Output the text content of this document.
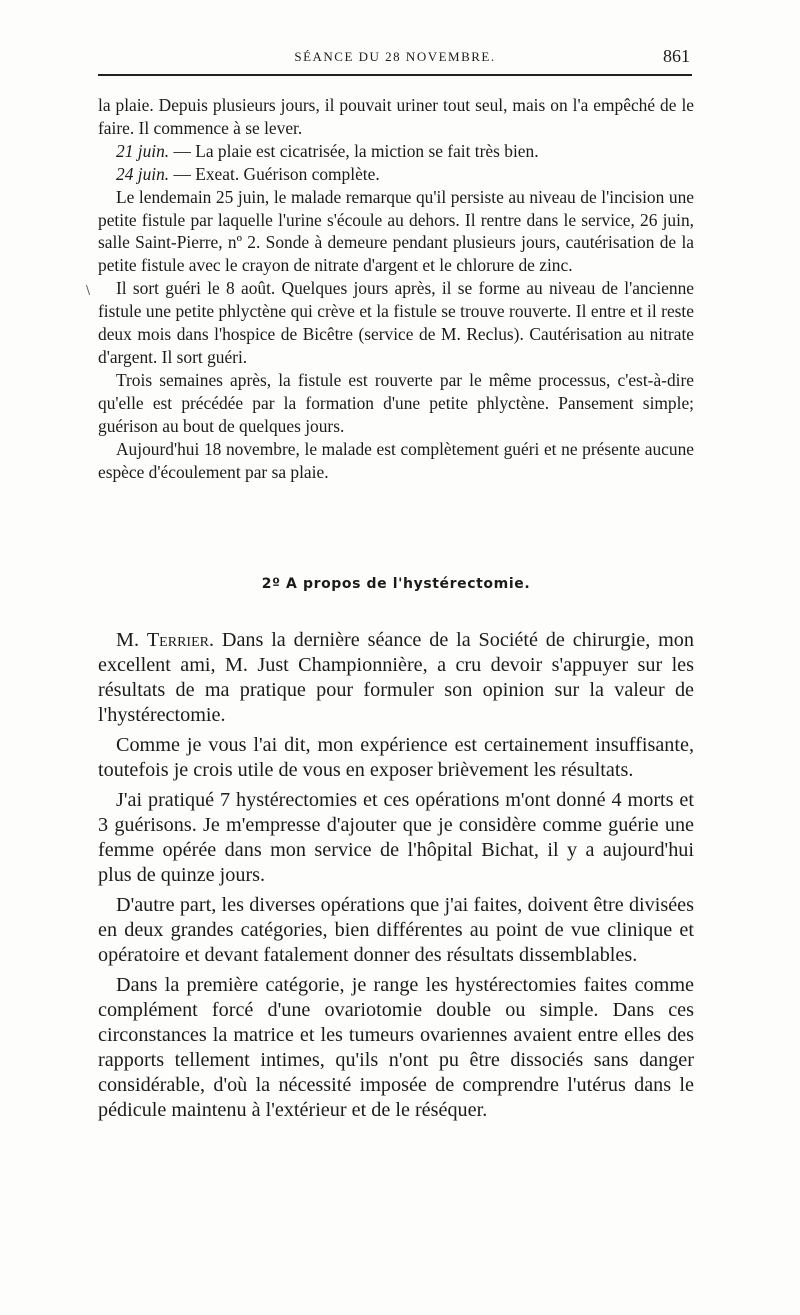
SÉANCE DU 28 NOVEMBRE.	861
\

la plaie. Depuis plusieurs jours, il pouvait uriner tout seul, mais on l'a empêché de le faire. Il commence à se lever.

21 juin. — La plaie est cicatrisée, la miction se fait très bien.

24 juin. — Exeat. Guérison complète.

Le lendemain 25 juin, le malade remarque qu'il persiste au niveau de l'incision une petite fistule par laquelle l'urine s'écoule au dehors. Il rentre dans le service, 26 juin, salle Saint-Pierre, nº 2. Sonde à demeure pendant plusieurs jours, cautérisation de la petite fistule avec le crayon de nitrate d'argent et le chlorure de zinc.

Il sort guéri le 8 août. Quelques jours après, il se forme au niveau de l'ancienne fistule une petite phlyctène qui crève et la fistule se trouve rouverte. Il entre et il reste deux mois dans l'hospice de Bicêtre (service de M. Reclus). Cautérisation au nitrate d'argent. Il sort guéri.

Trois semaines après, la fistule est rouverte par le même processus, c'est-à-dire qu'elle est précédée par la formation d'une petite phlyctène. Pansement simple; guérison au bout de quelques jours.

Aujourd'hui 18 novembre, le malade est complètement guéri et ne présente aucune espèce d'écoulement par sa plaie.

2º A propos de l'hystérectomie.

M. Terrier. Dans la dernière séance de la Société de chirurgie, mon excellent ami, M. Just Championnière, a cru devoir s'appuyer sur les résultats de ma pratique pour formuler son opinion sur la valeur de l'hystérectomie.

Comme je vous l'ai dit, mon expérience est certainement insuffisante, toutefois je crois utile de vous en exposer brièvement les résultats.

J'ai pratiqué 7 hystérectomies et ces opérations m'ont donné 4 morts et 3 guérisons. Je m'empresse d'ajouter que je considère comme guérie une femme opérée dans mon service de l'hôpital Bichat, il y a aujourd'hui plus de quinze jours.

D'autre part, les diverses opérations que j'ai faites, doivent être divisées en deux grandes catégories, bien différentes au point de vue clinique et opératoire et devant fatalement donner des résultats dissemblables.

Dans la première catégorie, je range les hystérectomies faites comme complément forcé d'une ovariotomie double ou simple. Dans ces circonstances la matrice et les tumeurs ovariennes avaient entre elles des rapports tellement intimes, qu'ils n'ont pu être dissociés sans danger considérable, d'où la nécessité imposée de comprendre l'utérus dans le pédicule maintenu à l'extérieur et de le réséquer.
